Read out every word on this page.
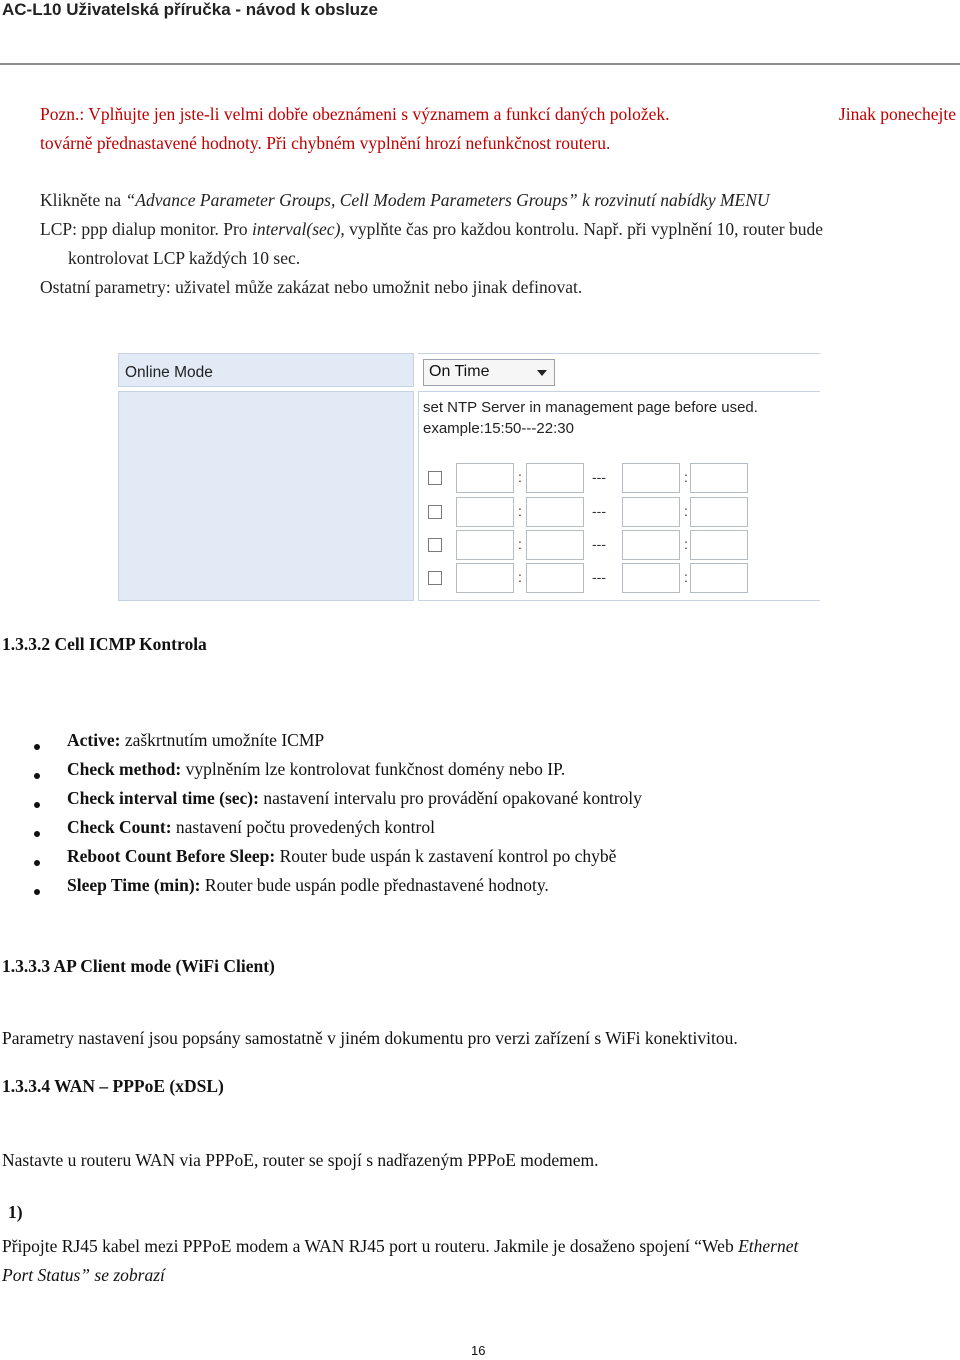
AC-L10 Uživatelská příručka - návod k obsluze
Pozn.: Vplňujte jen jste-li velmi dobře obeznámeni s významem a funkcí daných položek.	Jinak ponechejte
továrně přednastavené hodnoty. Při chybném vyplnění hrozí nefunkčnost routeru.
Klikněte na “Advance Parameter Groups, Cell Modem Parameters Groups” k rozvinutí nabídky MENU
LCP: ppp dialup monitor. Pro interval(sec), vyplňte čas pro každou kontrolu. Např. při vyplnění 10, router bude
kontrolovat LCP každých 10 sec.
Ostatní parametry: uživatel může zakázat nebo umožnit nebo jinak definovat.
Online Mode	On Time
set NTP Server in management page before used.
example:15:50---22:30
:	---	:
:	---	:
:	---	:
:	---	:
1.3.3.2 Cell ICMP Kontrola
Active: zaškrtnutím umožníte ICMP
Check method: vyplněním lze kontrolovat funkčnost domény nebo IP.
Check interval time (sec): nastavení intervalu pro provádění opakované kontroly
Check Count: nastavení počtu provedených kontrol
Reboot Count Before Sleep: Router bude uspán k zastavení kontrol po chybě
Sleep Time (min): Router bude uspán podle přednastavené hodnoty.
1.3.3.3 AP Client mode (WiFi Client)
Parametry nastavení jsou popsány samostatně v jiném dokumentu pro verzi zařízení s WiFi konektivitou.
1.3.3.4 WAN – PPPoE (xDSL)
Nastavte u routeru WAN via PPPoE, router se spojí s nadřazeným PPPoE modemem.
1)
Připojte RJ45 kabel mezi PPPoE modem a WAN RJ45 port u routeru. Jakmile je dosaženo spojení “Web Ethernet
Port Status” se zobrazí
16
